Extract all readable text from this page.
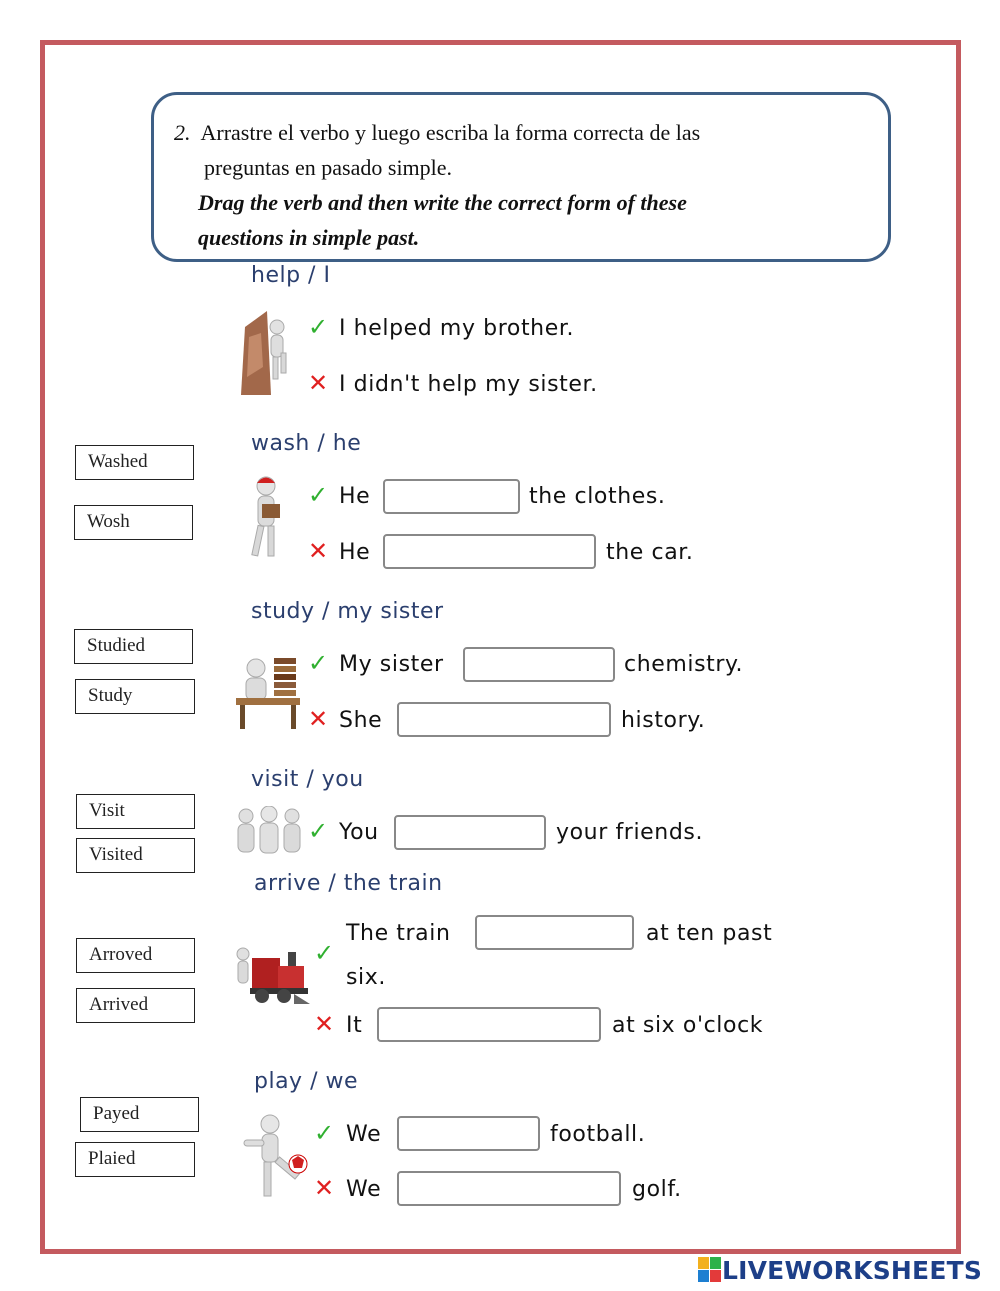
2. Arrastre el verbo y luego escriba la forma correcta de las
preguntas en pasado simple.
Drag the verb and then write the correct form of these
questions in simple past.
help / I
✓ I helped my brother.
✕ I didn't help my sister.
wash / he
✓ He	the clothes.
✕ He	the car.
study / my sister
✓ My sister	chemistry.
✕ She	history.
visit / you
✓ You	your friends.
arrive / the train
✓
The train	at ten past
six.
✕ It	at six o'clock
play / we
✓ We	football.
✕ We	golf.
Washed
Wosh
Studied
Study
Visit
Visited
Arroved
Arrived
Payed
Plaied
LIVEWORKSHEETS
